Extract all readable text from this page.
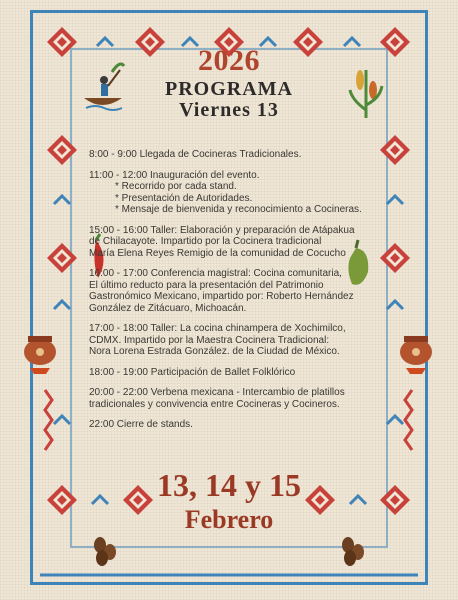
2026
PROGRAMA
Viernes 13
8:00 - 9:00 Llegada de Cocineras Tradicionales.
11:00 - 12:00 Inauguración del evento.
* Recorrido por cada stand.
* Presentación de Autoridades.
* Mensaje de bienvenida y reconocimiento a Cocineras.
15:00 - 16:00 Taller: Elaboración y preparación de Atápakua
de Chilacayote. Impartido por la Cocinera tradicional
María Elena Reyes Remigio de la comunidad de Cocucho
16:00 - 17:00 Conferencia magistral: Cocina comunitaria,
El último reducto para la presentación del Patrimonio
Gastronómico Mexicano, impartido por: Roberto Hernández
González de Zitácuaro, Michoacán.
17:00 - 18:00 Taller: La cocina chinampera de Xochimilco,
CDMX. Impartido por la Maestra Cocinera Tradicional:
Nora Lorena Estrada González. de la Ciudad de México.
18:00 - 19:00 Participación de Ballet Folklórico
20:00 - 22:00 Verbena mexicana - Intercambio de platillos
tradicionales y convivencia entre Cocineras y Cocineros.
22:00 Cierre de stands.
13, 14 y 15
Febrero
